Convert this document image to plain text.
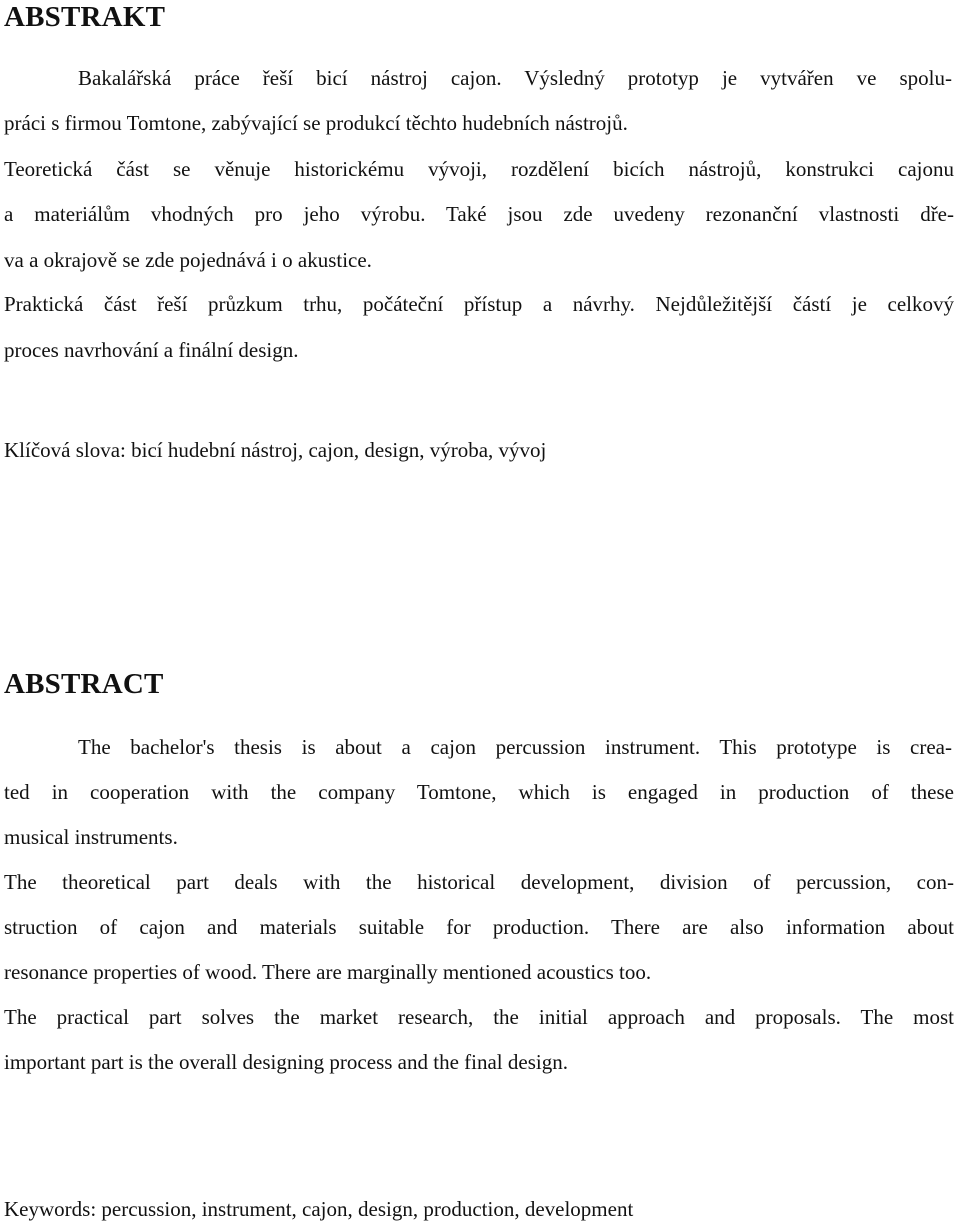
ABSTRAKT

Bakalářská práce řeší bicí nástroj cajon. Výsledný prototyp je vytvářen ve spolu-

práci s firmou Tomtone, zabývající se produkcí těchto hudebních nástrojů.

Teoretická část se věnuje historickému vývoji, rozdělení bicích nástrojů, konstrukci cajonu

a materiálům vhodných pro jeho výrobu. Také jsou zde uvedeny rezonanční vlastnosti dře-

va a okrajově se zde pojednává i o akustice.

Praktická část řeší průzkum trhu, počáteční přístup a návrhy. Nejdůležitější částí je celkový

proces navrhování a finální design.

Klíčová slova: bicí hudební nástroj, cajon, design, výroba, vývoj

ABSTRACT

The bachelor's thesis is about a cajon percussion instrument. This prototype is crea-

ted in cooperation with the company Tomtone, which is engaged in production of these

musical instruments.

The theoretical part deals with the historical development, division of percussion, con-

struction of cajon and materials suitable for production. There are also information about

resonance properties of wood. There are marginally mentioned acoustics too.

The practical part solves the market research, the initial approach and proposals. The most

important part is the overall designing process and the final design.

Keywords: percussion, instrument, cajon, design, production, development
